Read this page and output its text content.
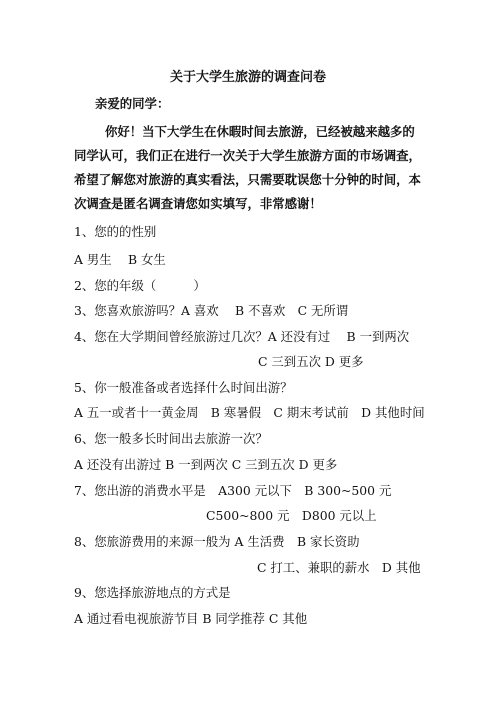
关于大学生旅游的调查问卷
亲爱的同学：
你好！当下大学生在休暇时间去旅游，已经被越来越多的同学认可，我们正在进行一次关于大学生旅游方面的市场调查，希望了解您对旅游的真实看法，只需要耽误您十分钟的时间，本次调查是匿名调查请您如实填写，非常感谢！
1、您的的性别
A 男生　 B 女生
2、您的年级（　　　）
3、您喜欢旅游吗？A 喜欢　 B 不喜欢　C 无所谓
4、您在大学期间曾经旅游过几次？A 还没有过　 B 一到两次
C 三到五次 D 更多
5、你一般准备或者选择什么时间出游？
A 五一或者十一黄金周　B 寒暑假　C 期末考试前　D 其他时间
6、您一般多长时间出去旅游一次？
A 还没有出游过 B 一到两次 C 三到五次 D 更多
7、您出游的消费水平是　A300 元以下　B 300~500 元
C500~800 元　D800 元以上
8、您旅游费用的来源一般为 A 生活费　B 家长资助
C 打工、兼职的薪水　D 其他
9、您选择旅游地点的方式是
A 通过看电视旅游节目 B 同学推荐 C 其他
